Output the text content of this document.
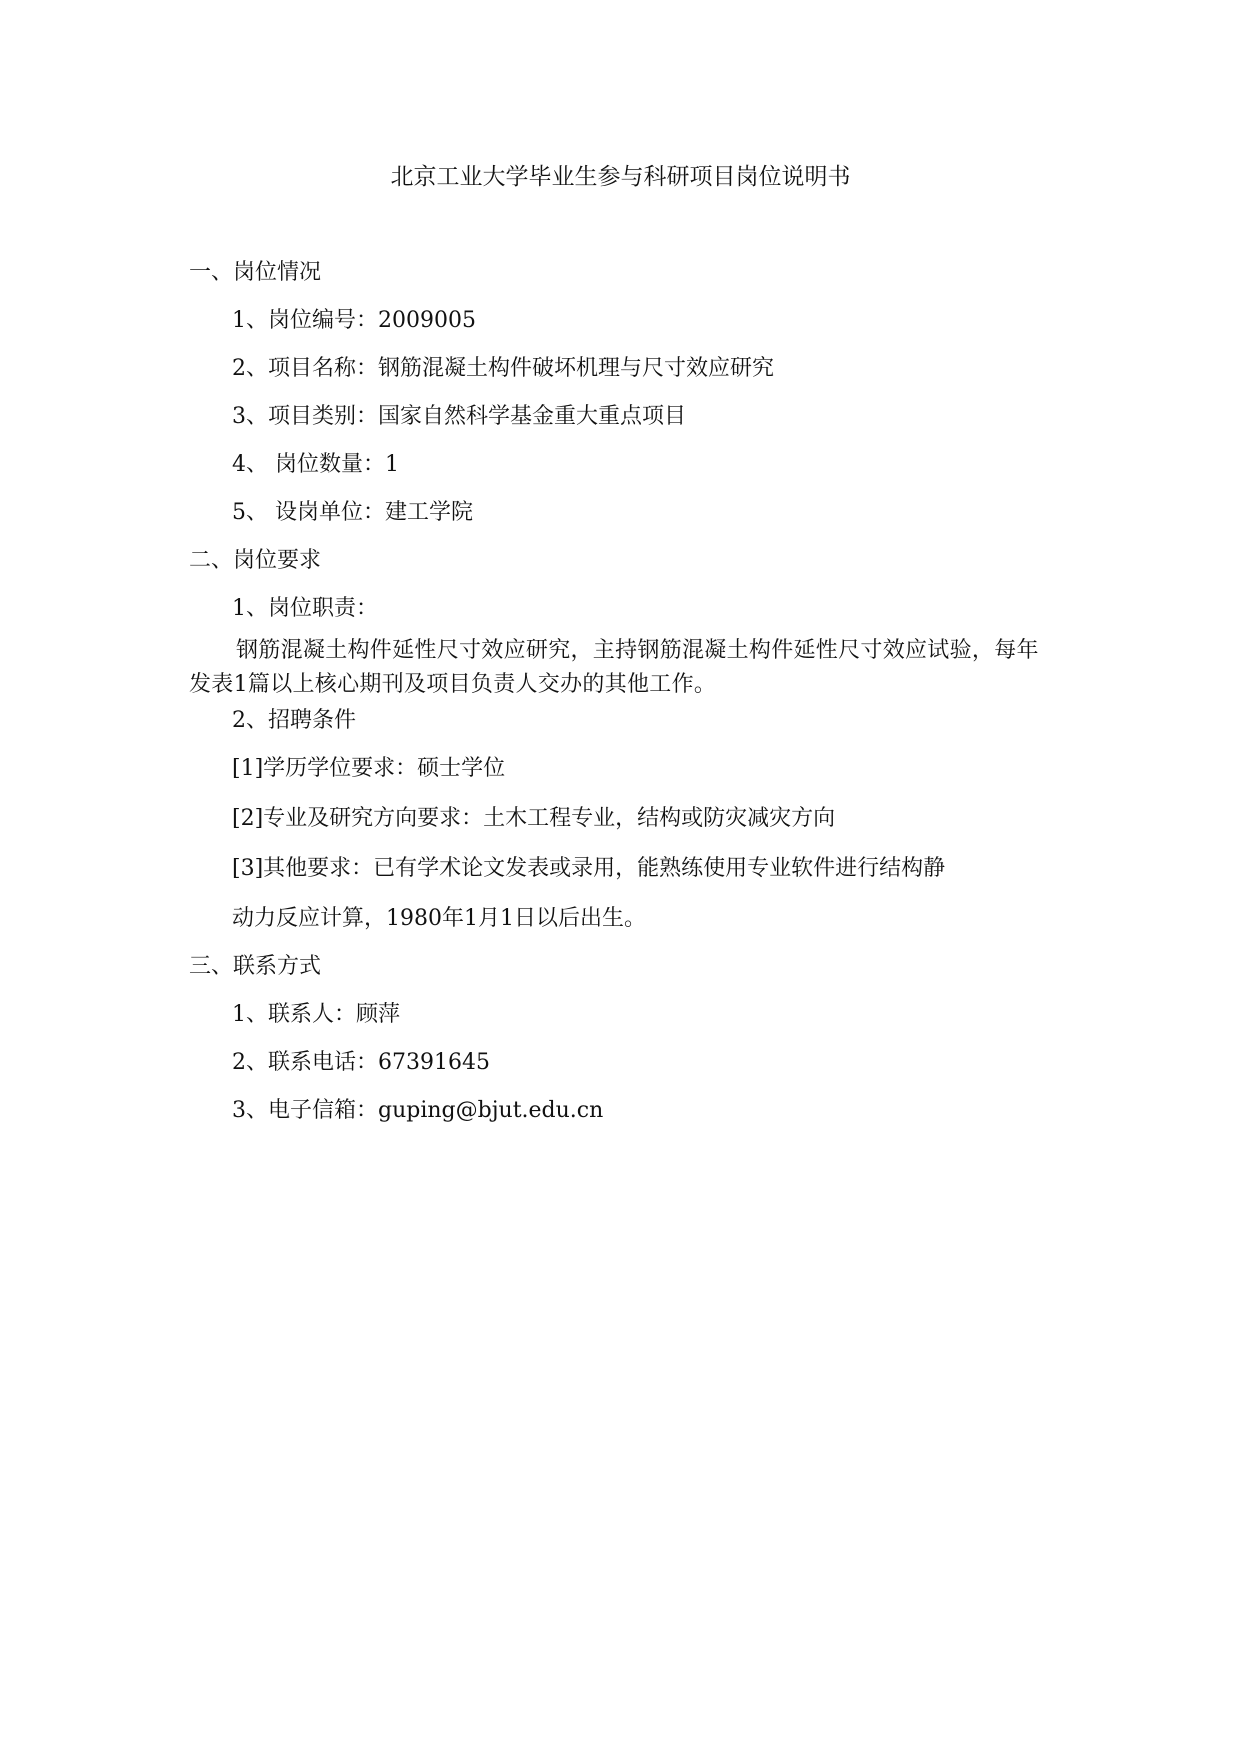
北京工业大学毕业生参与科研项目岗位说明书
一、岗位情况
1、岗位编号：2009005
2、项目名称：钢筋混凝土构件破坏机理与尺寸效应研究
3、项目类别：国家自然科学基金重大重点项目
4、 岗位数量：1
5、 设岗单位：建工学院
二、岗位要求
1、岗位职责：
钢筋混凝土构件延性尺寸效应研究，主持钢筋混凝土构件延性尺寸效应试验，每年发表1篇以上核心期刊及项目负责人交办的其他工作。
2、招聘条件
[1]学历学位要求：硕士学位
[2]专业及研究方向要求：土木工程专业，结构或防灾减灾方向
[3]其他要求：已有学术论文发表或录用，能熟练使用专业软件进行结构静
动力反应计算，1980年1月1日以后出生。
三、联系方式
1、联系人：顾萍
2、联系电话：67391645
3、电子信箱：guping@bjut.edu.cn
